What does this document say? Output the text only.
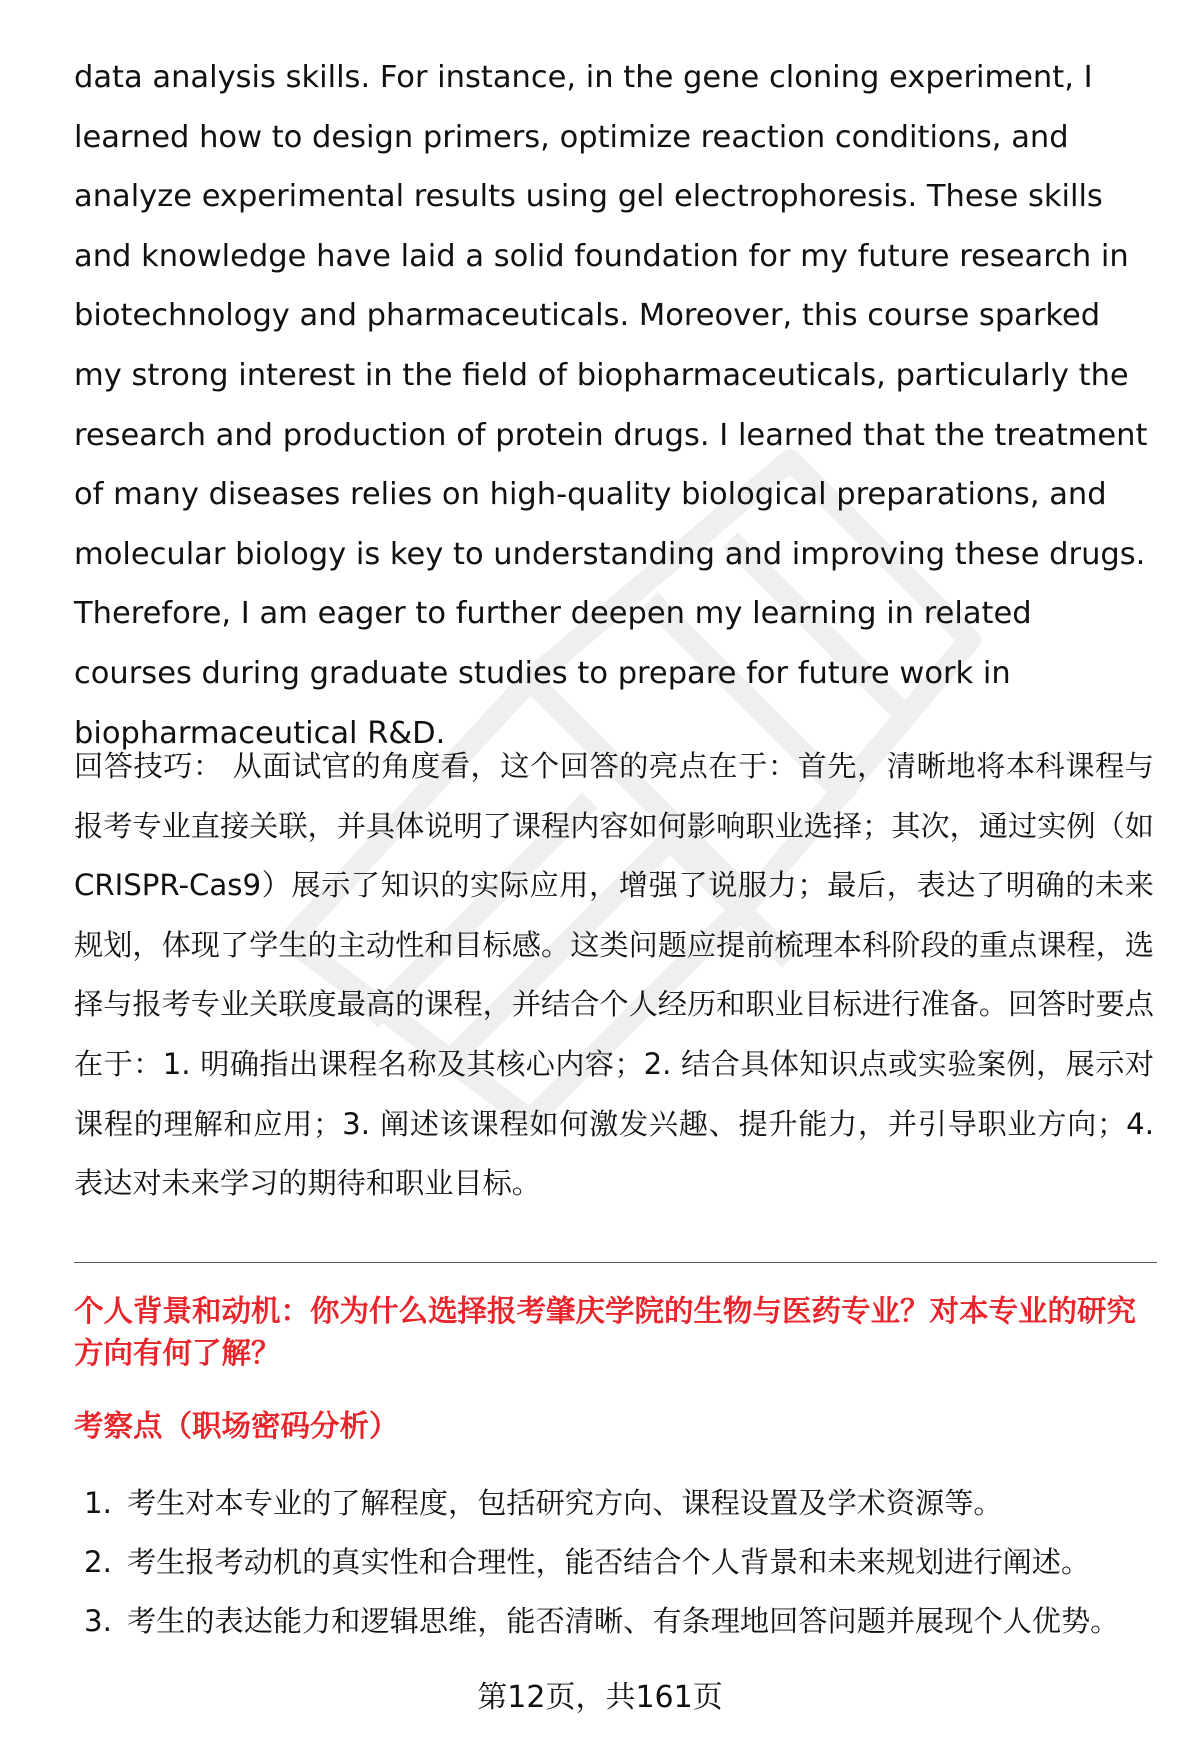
data analysis skills. For instance, in the gene cloning experiment, I learned how to design primers, optimize reaction conditions, and analyze experimental results using gel electrophoresis. These skills and knowledge have laid a solid foundation for my future research in biotechnology and pharmaceuticals. Moreover, this course sparked my strong interest in the field of biopharmaceuticals, particularly the research and production of protein drugs. I learned that the treatment of many diseases relies on high-quality biological preparations, and molecular biology is key to understanding and improving these drugs. Therefore, I am eager to further deepen my learning in related courses during graduate studies to prepare for future work in biopharmaceutical R&D.

回答技巧： 从面试官的角度看，这个回答的亮点在于：首先，清晰地将本科课程与报考专业直接关联，并具体说明了课程内容如何影响职业选择；其次，通过实例（如CRISPR-Cas9）展示了知识的实际应用，增强了说服力；最后，表达了明确的未来规划，体现了学生的主动性和目标感。这类问题应提前梳理本科阶段的重点课程，选择与报考专业关联度最高的课程，并结合个人经历和职业目标进行准备。回答时要点在于：1. 明确指出课程名称及其核心内容；2. 结合具体知识点或实验案例，展示对课程的理解和应用；3. 阐述该课程如何激发兴趣、提升能力，并引导职业方向；4. 表达对未来学习的期待和职业目标。

个人背景和动机：你为什么选择报考肇庆学院的生物与医药专业？对本专业的研究方向有何了解？
考察点（职场密码分析）
1. 考生对本专业的了解程度，包括研究方向、课程设置及学术资源等。
2. 考生报考动机的真实性和合理性，能否结合个人背景和未来规划进行阐述。
3. 考生的表达能力和逻辑思维，能否清晰、有条理地回答问题并展现个人优势。
第12页，共161页
